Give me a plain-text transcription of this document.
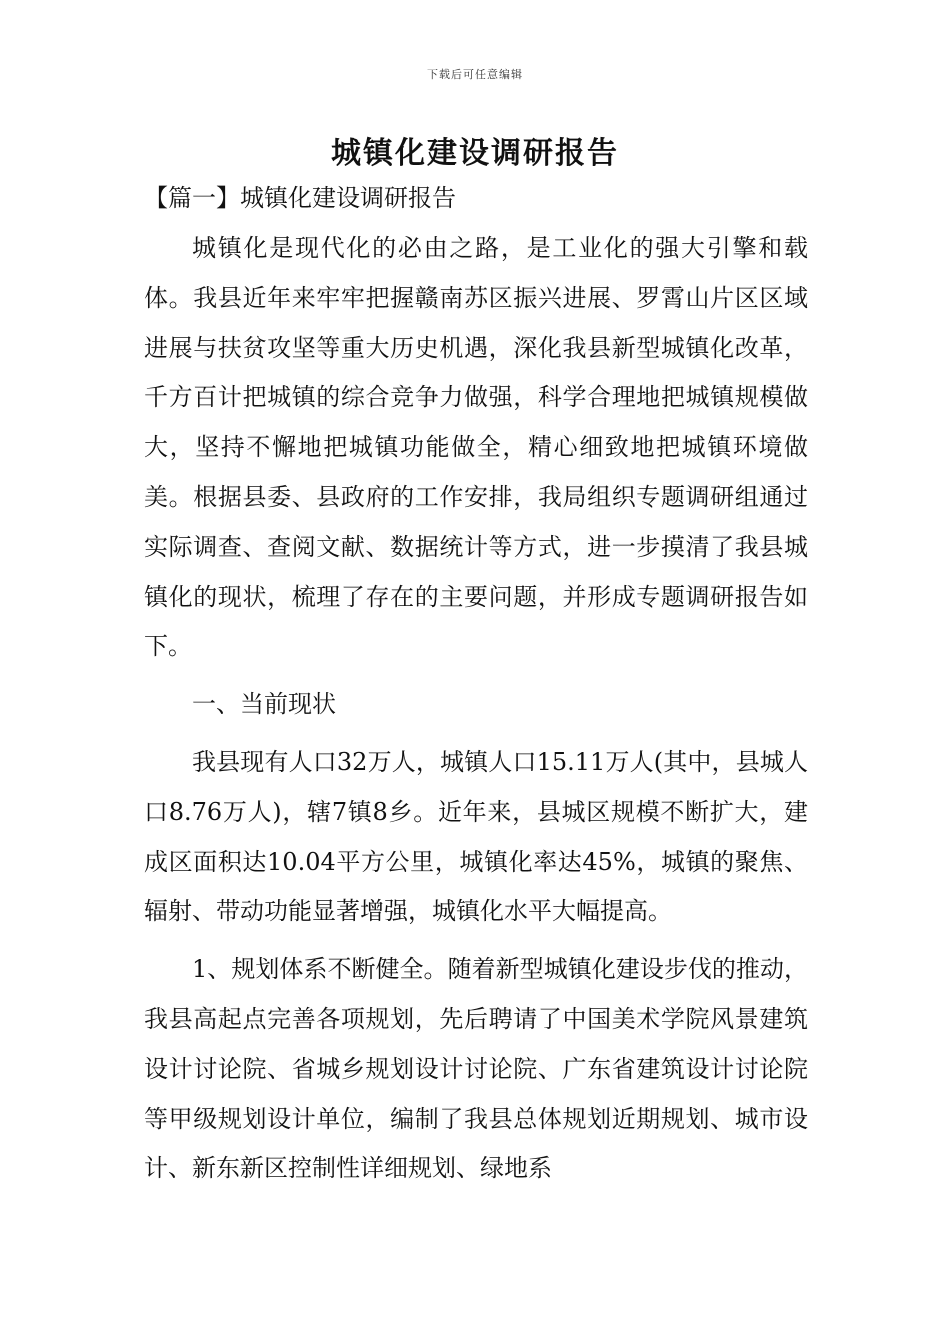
下载后可任意编辑
城镇化建设调研报告

【篇一】城镇化建设调研报告

城镇化是现代化的必由之路，是工业化的强大引擎和载体。我县近年来牢牢把握赣南苏区振兴进展、罗霄山片区区域进展与扶贫攻坚等重大历史机遇，深化我县新型城镇化改革，千方百计把城镇的综合竞争力做强，科学合理地把城镇规模做大，坚持不懈地把城镇功能做全，精心细致地把城镇环境做美。根据县委、县政府的工作安排，我局组织专题调研组通过实际调查、查阅文献、数据统计等方式，进一步摸清了我县城镇化的现状，梳理了存在的主要问题，并形成专题调研报告如下。

一、当前现状

我县现有人口32万人，城镇人口15.11万人(其中，县城人口8.76万人)，辖7镇8乡。近年来，县城区规模不断扩大，建成区面积达10.04平方公里，城镇化率达45%，城镇的聚焦、辐射、带动功能显著增强，城镇化水平大幅提高。

1、规划体系不断健全。随着新型城镇化建设步伐的推动，我县高起点完善各项规划，先后聘请了中国美术学院风景建筑设计讨论院、省城乡规划设计讨论院、广东省建筑设计讨论院等甲级规划设计单位，编制了我县总体规划近期规划、城市设计、新东新区控制性详细规划、绿地系
